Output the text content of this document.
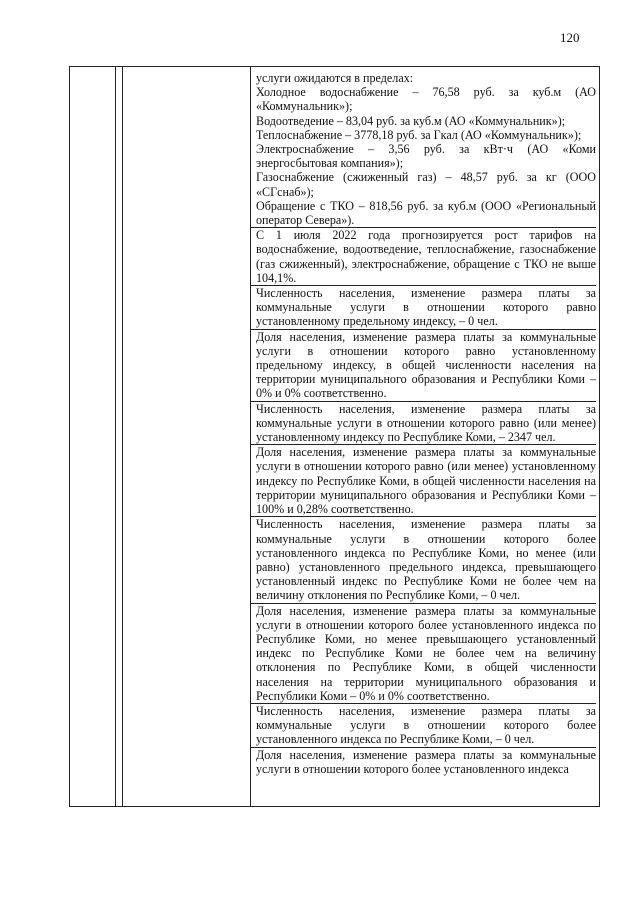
120

услуги ожидаются в пределах:

Холодное водоснабжение – 76,58 руб. за куб.м (АО «Коммунальник»);

Водоотведение – 83,04 руб. за куб.м (АО «Коммунальник»);

Теплоснабжение – 3778,18 руб. за Гкал (АО «Коммунальник»);

Электроснабжение – 3,56 руб. за кВт·ч (АО «Коми энергосбытовая компания»);

Газоснабжение (сжиженный газ) – 48,57 руб. за кг (ООО «СГснаб»);

Обращение с ТКО – 818,56 руб. за куб.м (ООО «Региональный оператор Севера»).

С 1 июля 2022 года прогнозируется рост тарифов на водоснабжение, водоотведение, теплоснабжение, газоснабжение (газ сжиженный), электроснабжение, обращение с ТКО не выше 104,1%.

Численность населения, изменение размера платы за коммунальные услуги в отношении которого равно установленному предельному индексу, – 0 чел.

Доля населения, изменение размера платы за коммунальные услуги в отношении которого равно установленному предельному индексу, в общей численности населения на территории муниципального образования и Республики Коми – 0% и 0% соответственно.

Численность населения, изменение размера платы за коммунальные услуги в отношении которого равно (или менее) установленному индексу по Республике Коми, – 2347 чел.

Доля населения, изменение размера платы за коммунальные услуги в отношении которого равно (или менее) установленному индексу по Республике Коми, в общей численности населения на территории муниципального образования и Республики Коми – 100% и 0,28% соответственно.

Численность населения, изменение размера платы за коммунальные услуги в отношении которого более установленного индекса по Республике Коми, но менее (или равно) установленного предельного индекса, превышающего установленный индекс по Республике Коми не более чем на величину отклонения по Республике Коми, – 0 чел.

Доля населения, изменение размера платы за коммунальные услуги в отношении которого более установленного индекса по Республике Коми, но менее превышающего установленный индекс по Республике Коми не более чем на величину отклонения по Республике Коми, в общей численности населения на территории муниципального образования и Республики Коми – 0% и 0% соответственно.

Численность населения, изменение размера платы за коммунальные услуги в отношении которого более установленного индекса по Республике Коми, – 0 чел.

Доля населения, изменение размера платы за коммунальные услуги в отношении которого более установленного индекса
